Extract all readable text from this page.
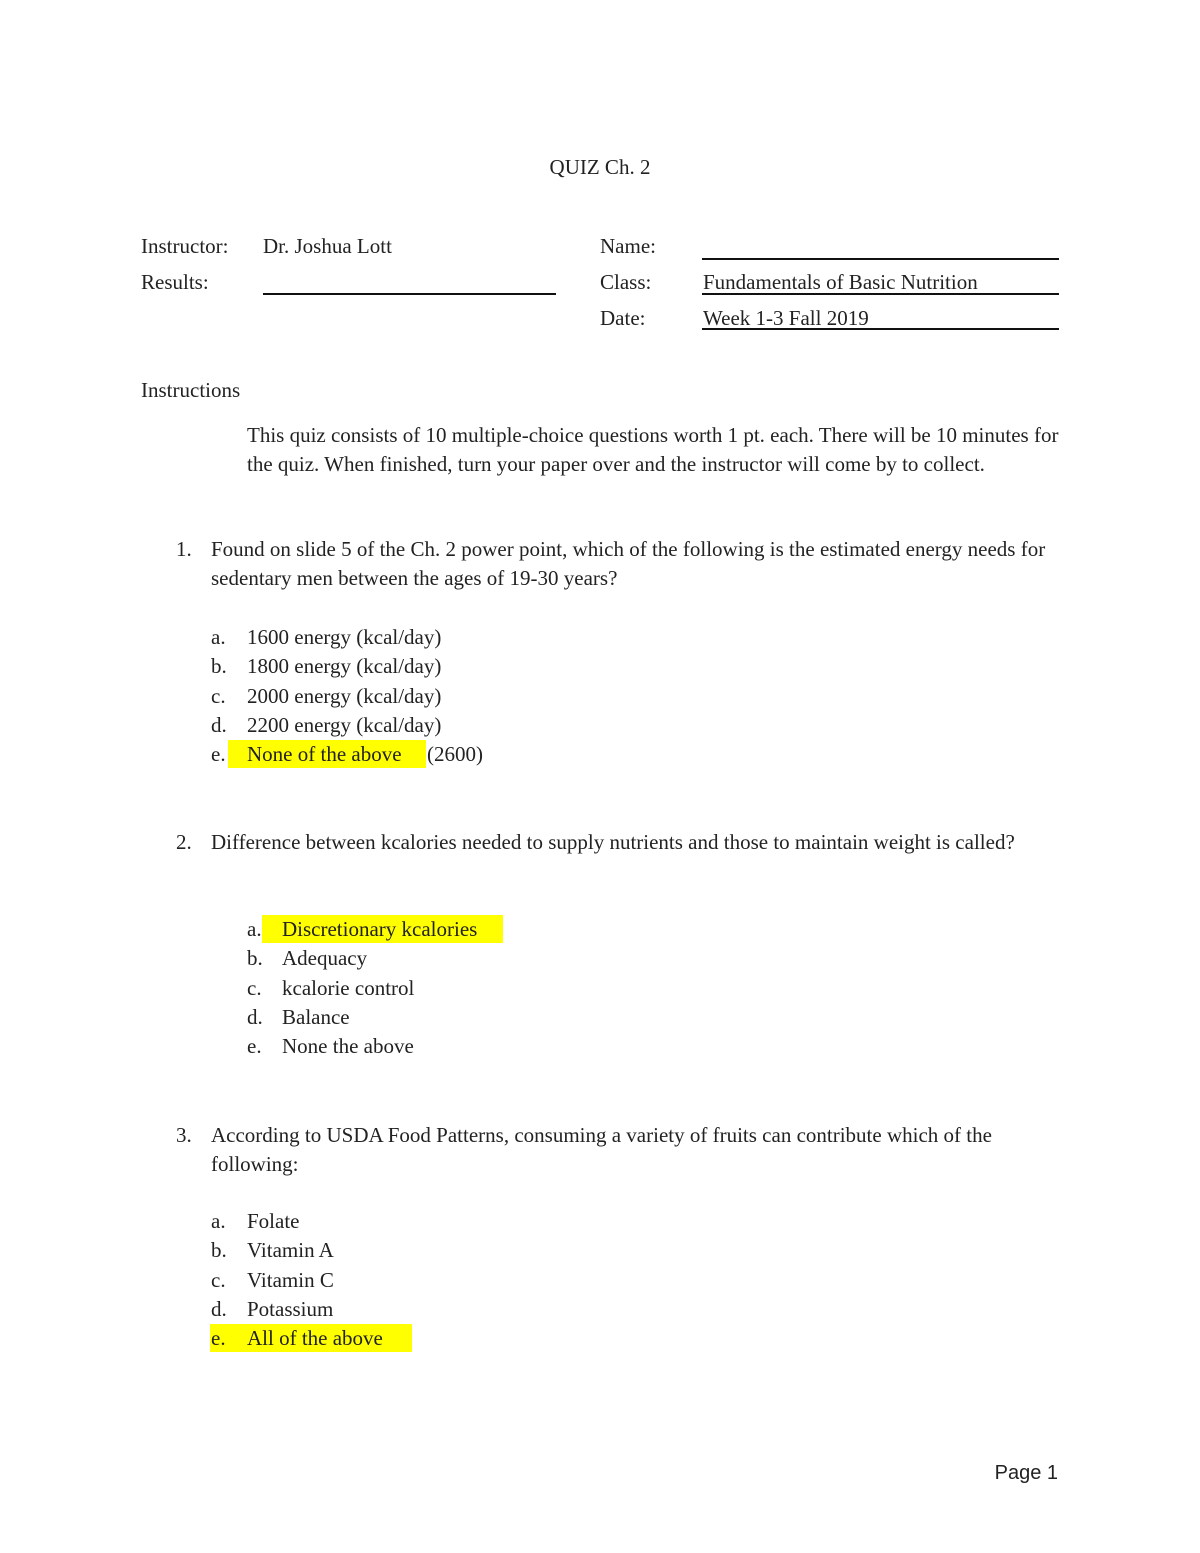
QUIZ Ch. 2
Instructor: Dr. Joshua Lott
Results:
Name:
Class: Fundamentals of Basic Nutrition
Date:	Week 1-3 Fall 2019
Instructions
This quiz consists of 10 multiple-choice questions worth 1 pt. each. There will be 10 minutes for the quiz. When finished, turn your paper over and the instructor will come by to collect.
1. Found on slide 5 of the Ch. 2 power point, which of the following is the estimated energy needs for sedentary men between the ages of 19-30 years?
a. 1600 energy (kcal/day)
b. 1800 energy (kcal/day)
c. 2000 energy (kcal/day)
d. 2200 energy (kcal/day)
e. None of the above (2600)
2. Difference between kcalories needed to supply nutrients and those to maintain weight is called?
a. Discretionary kcalories
b. Adequacy
c. kcalorie control
d. Balance
e. None the above
3. According to USDA Food Patterns, consuming a variety of fruits can contribute which of the following:
a. Folate
b. Vitamin A
c. Vitamin C
d. Potassium
e. All of the above
Page 1
